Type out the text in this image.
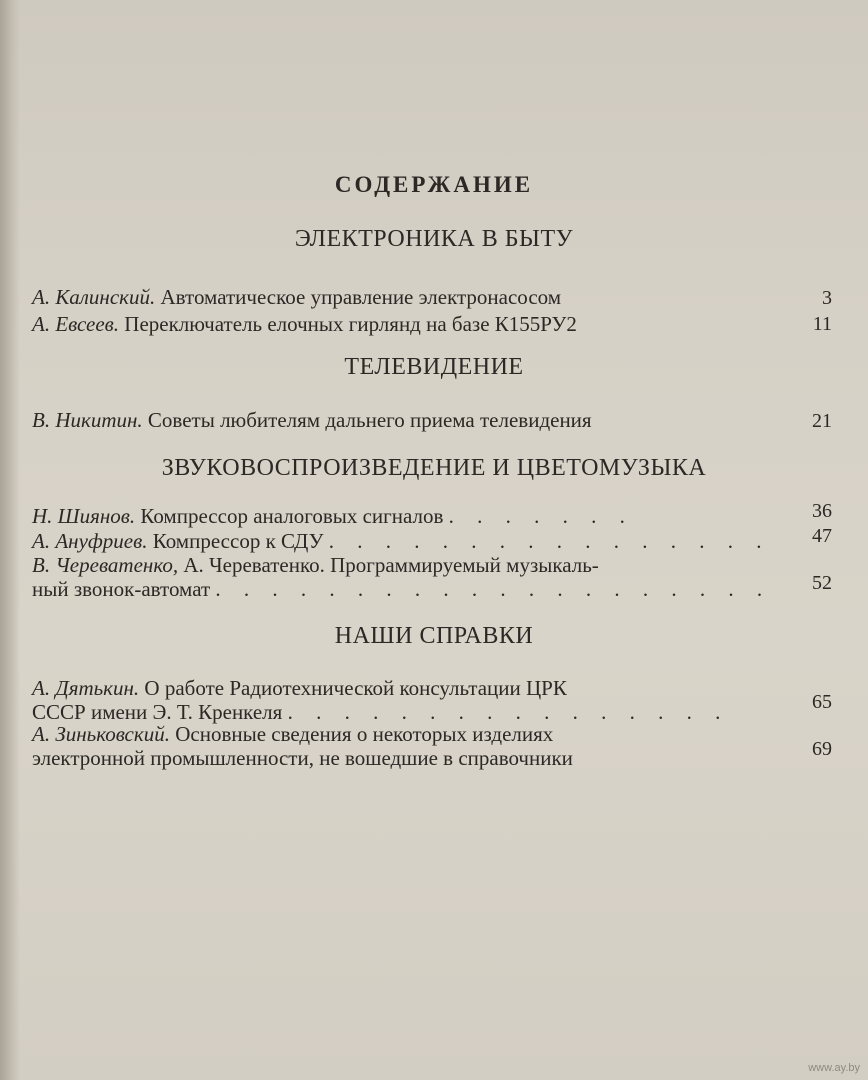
СОДЕРЖАНИЕ
ЭЛЕКТРОНИКА В БЫТУ
А. Калинский. Автоматическое управление электронасосом	3
А. Евсеев. Переключатель елочных гирлянд на базе К155РУ2	11
ТЕЛЕВИДЕНИЕ
В. Никитин. Советы любителям дальнего приема телевидения	21
ЗВУКОВОСПРОИЗВЕДЕНИЕ И ЦВЕТОМУЗЫКА
Н. Шиянов. Компрессор аналоговых сигналов . . . . . . .	36
А. Ануфриев. Компрессор к СДУ . . . . . . . . . . . . . . . .	47
В. Череватенко, А. Череватенко. Программируемый музыкаль-
ный звонок-автомат . . . . . . . . . . . . . . . . . . . .	52
НАШИ СПРАВКИ
А. Дятькин. О работе Радиотехнической консультации ЦРК
СССР имени Э. Т. Кренкеля . . . . . . . . . . . . . . . .	65
А. Зиньковский. Основные сведения о некоторых изделиях
электронной промышленности, не вошедшие в справочники	69
www.ay.by
